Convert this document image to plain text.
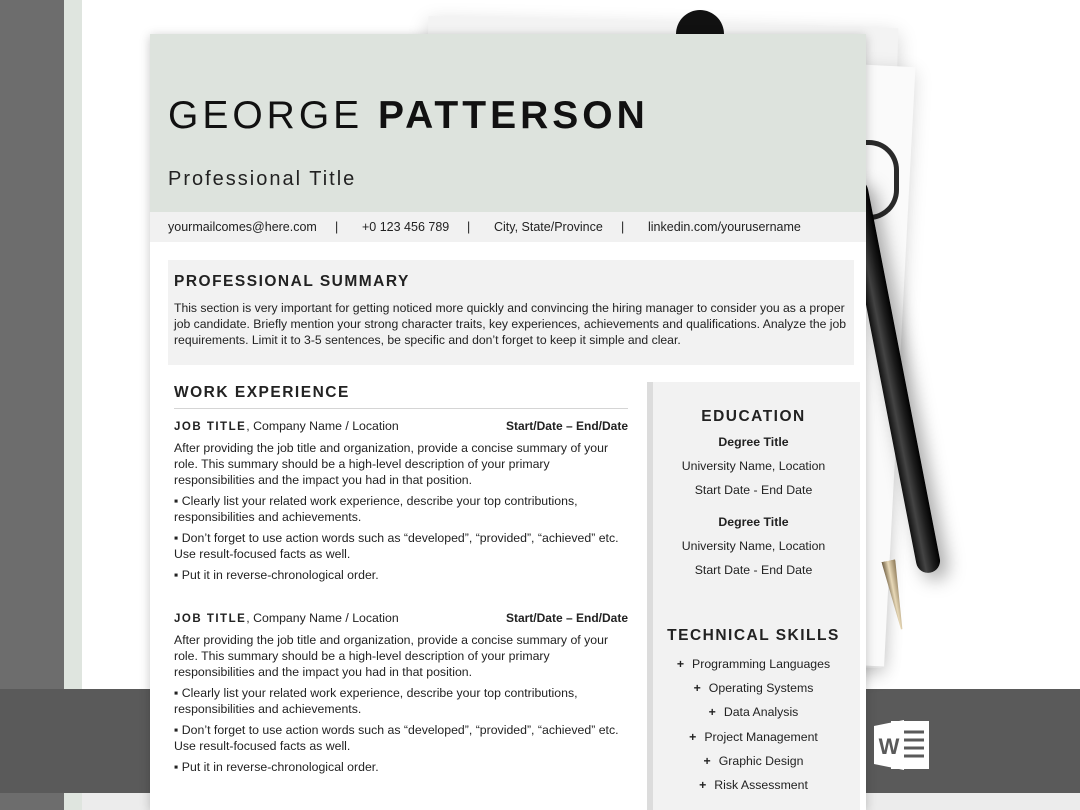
GEORGE PATTERSON
Professional Title
yourmailcomes@here.com | +0 123 456 789 | City, State/Province | linkedin.com/yourusername
PROFESSIONAL SUMMARY
This section is very important for getting noticed more quickly and convincing the hiring manager to consider you as a proper job candidate. Briefly mention your strong character traits, key experiences, achievements and qualifications. Analyze the job requirements. Limit it to 3-5 sentences, be specific and don’t forget to keep it simple and clear.
WORK EXPERIENCE
JOB TITLE, Company Name / Location	Start/Date – End/Date

After providing the job title and organization, provide a concise summary of your role. This summary should be a high-level description of your primary responsibilities and the impact you had in that position.

▪ Clearly list your related work experience, describe your top contributions, responsibilities and achievements.

▪ Don’t forget to use action words such as “developed”, “provided”, “achieved” etc. Use result-focused facts as well.

▪ Put it in reverse-chronological order.

JOB TITLE, Company Name / Location	Start/Date – End/Date

After providing the job title and organization, provide a concise summary of your role. This summary should be a high-level description of your primary responsibilities and the impact you had in that position.

▪ Clearly list your related work experience, describe your top contributions, responsibilities and achievements.

▪ Don’t forget to use action words such as “developed”, “provided”, “achieved” etc. Use result-focused facts as well.

▪ Put it in reverse-chronological order.

EDUCATION
Degree Title
University Name, Location
Start Date - End Date
Degree Title
University Name, Location
Start Date - End Date
TECHNICAL SKILLS
+ Programming Languages
+ Operating Systems
+ Data Analysis
+ Project Management
+ Graphic Design
+ Risk Assessment
W
